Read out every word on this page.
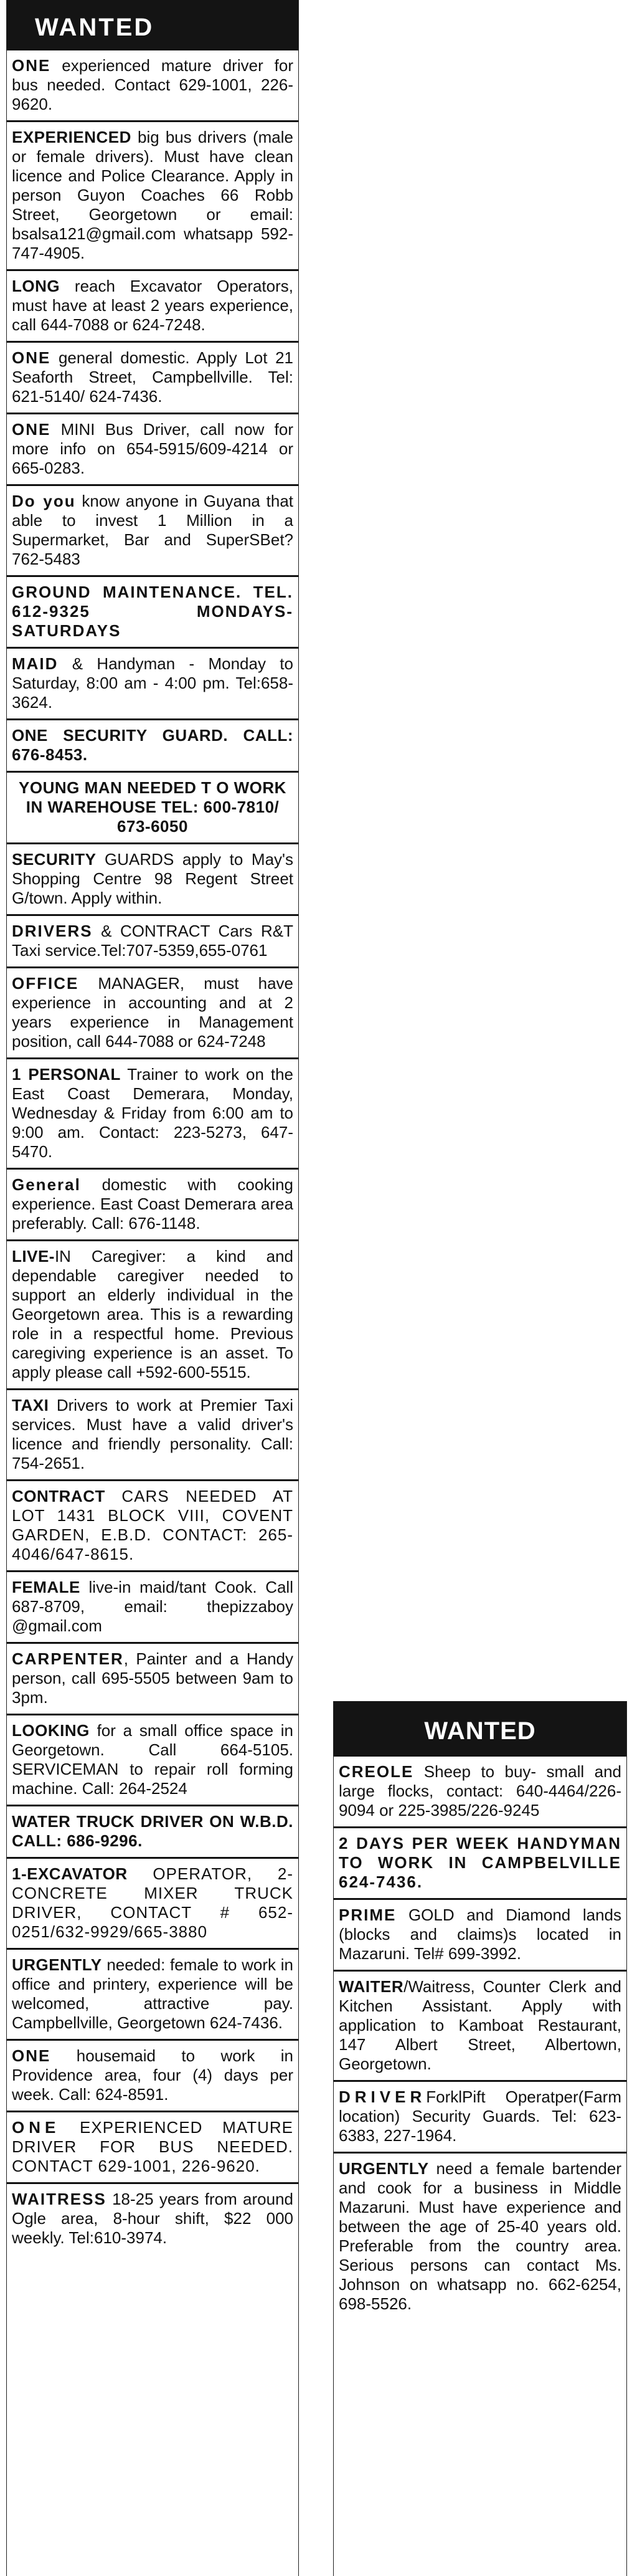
WANTED
ONE experienced mature driver for bus needed. Contact 629-1001, 226-9620.
EXPERIENCED big bus drivers (male or female drivers). Must have clean licence and Police Clearance. Apply in person Guyon Coaches 66 Robb Street, Georgetown or email: bsalsa121@gmail.com whatsapp 592-747-4905.
LONG reach Excavator Operators, must have at least 2 years experience, call 644-7088 or 624-7248.
ONE general domestic. Apply Lot 21 Seaforth Street, Campbellville. Tel: 621-5140/ 624-7436.
ONE MINI Bus Driver, call now for more info on 654-5915/609-4214 or 665-0283.
Do you know anyone in Guyana that able to invest 1 Million in a Supermarket, Bar and SuperSBet? 762-5483
GROUND MAINTENANCE. TEL. 612-9325 MONDAYS-SATURDAYS
MAID & Handyman - Monday to Saturday, 8:00 am - 4:00 pm. Tel:658-3624.
ONE SECURITY GUARD. CALL: 676-8453.
YOUNG MAN NEEDED T O WORK IN WAREHOUSE TEL: 600-7810/ 673-6050
SECURITY GUARDS apply to May's Shopping Centre 98 Regent Street G/town. Apply within.
DRIVERS & CONTRACT Cars R&T Taxi service.Tel:707-5359,655-0761
OFFICE MANAGER, must have experience in accounting and at 2 years experience in Management position, call 644-7088 or 624-7248
1 PERSONAL Trainer to work on the East Coast Demerara, Monday, Wednesday & Friday from 6:00 am to 9:00 am. Contact: 223-5273, 647-5470.
General domestic with cooking experience. East Coast Demerara area preferably. Call: 676-1148.
LIVE-IN Caregiver: a kind and dependable caregiver needed to support an elderly individual in the Georgetown area. This is a rewarding role in a respectful home. Previous caregiving experience is an asset. To apply please call +592-600-5515.
TAXI Drivers to work at Premier Taxi services. Must have a valid driver's licence and friendly personality. Call: 754-2651.
CONTRACT CARS NEEDED AT LOT 1431 BLOCK VIII, COVENT GARDEN, E.B.D. CONTACT: 265-4046/647-8615.
FEMALE live-in maid/tant Cook. Call 687-8709, email: thepizzaboy @gmail.com
CARPENTER, Painter and a Handy person, call 695-5505 between 9am to 3pm.
LOOKING for a small office space in Georgetown. Call 664-5105. SERVICEMAN to repair roll forming machine. Call: 264-2524
WATER TRUCK DRIVER ON W.B.D. CALL: 686-9296.
1-EXCAVATOR OPERATOR, 2- CONCRETE MIXER TRUCK DRIVER, CONTACT # 652-0251/632-9929/665-3880
URGENTLY needed: female to work in office and printery, experience will be welcomed, attractive pay. Campbellville, Georgetown 624-7436.
ONE housemaid to work in Providence area, four (4) days per week. Call: 624-8591.
ONE EXPERIENCED MATURE DRIVER FOR BUS NEEDED. CONTACT 629-1001, 226-9620.
WAITRESS 18-25 years from around Ogle area, 8-hour shift, $22 000 weekly. Tel:610-3974.
WANTED
CREOLE Sheep to buy- small and large flocks, contact: 640-4464/226-9094 or 225-3985/226-9245
2 DAYS PER WEEK HANDYMAN TO WORK IN CAMPBELVILLE 624-7436.
PRIME GOLD and Diamond lands (blocks and claims)s located in Mazaruni. Tel# 699-3992.
WAITER/Waitress, Counter Clerk and Kitchen Assistant. Apply with application to Kamboat Restaurant, 147 Albert Street, Albertown, Georgetown.
DRIVERForklPift Operatper(Farm location) Security Guards. Tel: 623-6383, 227-1964.
URGENTLY need a female bartender and cook for a business in Middle Mazaruni. Must have experience and between the age of 25-40 years old. Preferable from the country area. Serious persons can contact Ms. Johnson on whatsapp no. 662-6254, 698-5526.
